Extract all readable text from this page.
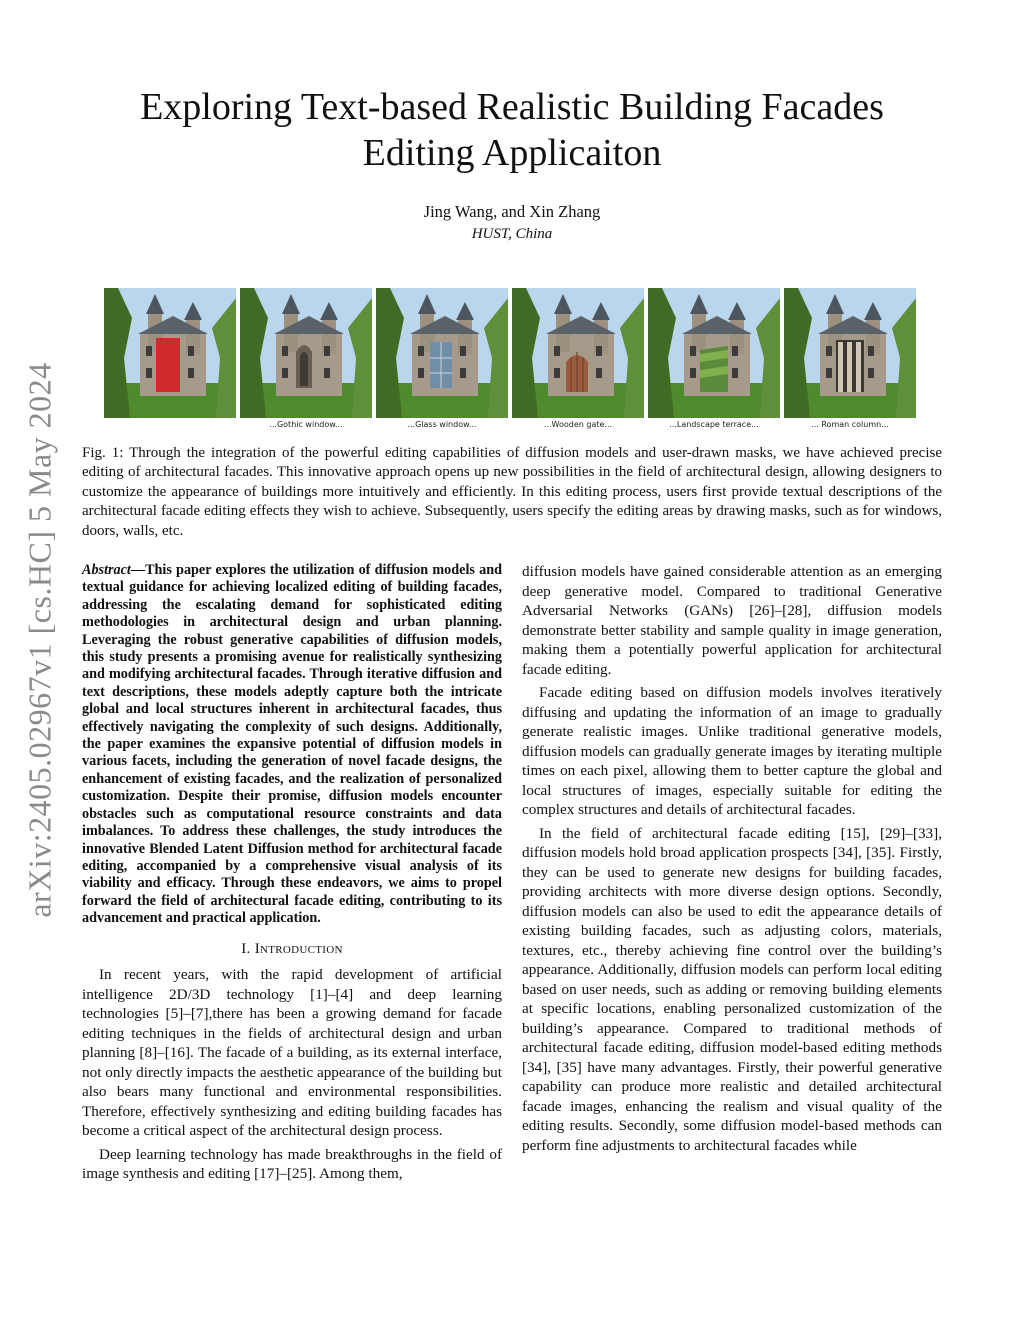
arXiv:2405.02967v1 [cs.HC] 5 May 2024
Exploring Text-based Realistic Building Facades
Editing Applicaiton
Jing Wang, and Xin Zhang
HUST, China
...Gothic window...	...Glass window...	...Wooden gate...	...Landscape terrace...	... Roman column...

Fig. 1: Through the integration of the powerful editing capabilities of diffusion models and user-drawn masks, we have achieved precise editing of architectural facades. This innovative approach opens up new possibilities in the field of architectural design, allowing designers to customize the appearance of buildings more intuitively and efficiently. In this editing process, users first provide textual descriptions of the architectural facade editing effects they wish to achieve. Subsequently, users specify the editing areas by drawing masks, such as for windows, doors, walls, etc.

Abstract—This paper explores the utilization of diffusion models and textual guidance for achieving localized editing of building facades, addressing the escalating demand for sophisticated editing methodologies in architectural design and urban planning. Leveraging the robust generative capabilities of diffusion models, this study presents a promising avenue for realistically synthesizing and modifying architectural facades. Through iterative diffusion and text descriptions, these models adeptly capture both the intricate global and local structures inherent in architectural facades, thus effectively navigating the complexity of such designs. Additionally, the paper examines the expansive potential of diffusion models in various facets, including the generation of novel facade designs, the enhancement of existing facades, and the realization of personalized customization. Despite their promise, diffusion models encounter obstacles such as computational resource constraints and data imbalances. To address these challenges, the study introduces the innovative Blended Latent Diffusion method for architectural facade editing, accompanied by a comprehensive visual analysis of its viability and efficacy. Through these endeavors, we aims to propel forward the field of architectural facade editing, contributing to its advancement and practical application.

I. Introduction

In recent years, with the rapid development of artificial intelligence 2D/3D technology [1]–[4] and deep learning technologies [5]–[7],there has been a growing demand for facade editing techniques in the fields of architectural design and urban planning [8]–[16]. The facade of a building, as its external interface, not only directly impacts the aesthetic appearance of the building but also bears many functional and environmental responsibilities. Therefore, effectively synthesizing and editing building facades has become a critical aspect of the architectural design process.

Deep learning technology has made breakthroughs in the field of image synthesis and editing [17]–[25]. Among them,

diffusion models have gained considerable attention as an emerging deep generative model. Compared to traditional Generative Adversarial Networks (GANs) [26]–[28], diffusion models demonstrate better stability and sample quality in image generation, making them a potentially powerful application for architectural facade editing.

Facade editing based on diffusion models involves iteratively diffusing and updating the information of an image to gradually generate realistic images. Unlike traditional generative models, diffusion models can gradually generate images by iterating multiple times on each pixel, allowing them to better capture the global and local structures of images, especially suitable for editing the complex structures and details of architectural facades.

In the field of architectural facade editing [15], [29]–[33], diffusion models hold broad application prospects [34], [35]. Firstly, they can be used to generate new designs for building facades, providing architects with more diverse design options. Secondly, diffusion models can also be used to edit the appearance details of existing building facades, such as adjusting colors, materials, textures, etc., thereby achieving fine control over the building’s appearance. Additionally, diffusion models can perform local editing based on user needs, such as adding or removing building elements at specific locations, enabling personalized customization of the building’s appearance. Compared to traditional methods of architectural facade editing, diffusion model-based editing methods [34], [35] have many advantages. Firstly, their powerful generative capability can produce more realistic and detailed architectural facade images, enhancing the realism and visual quality of the editing results. Secondly, some diffusion model-based methods can perform fine adjustments to architectural facades while
